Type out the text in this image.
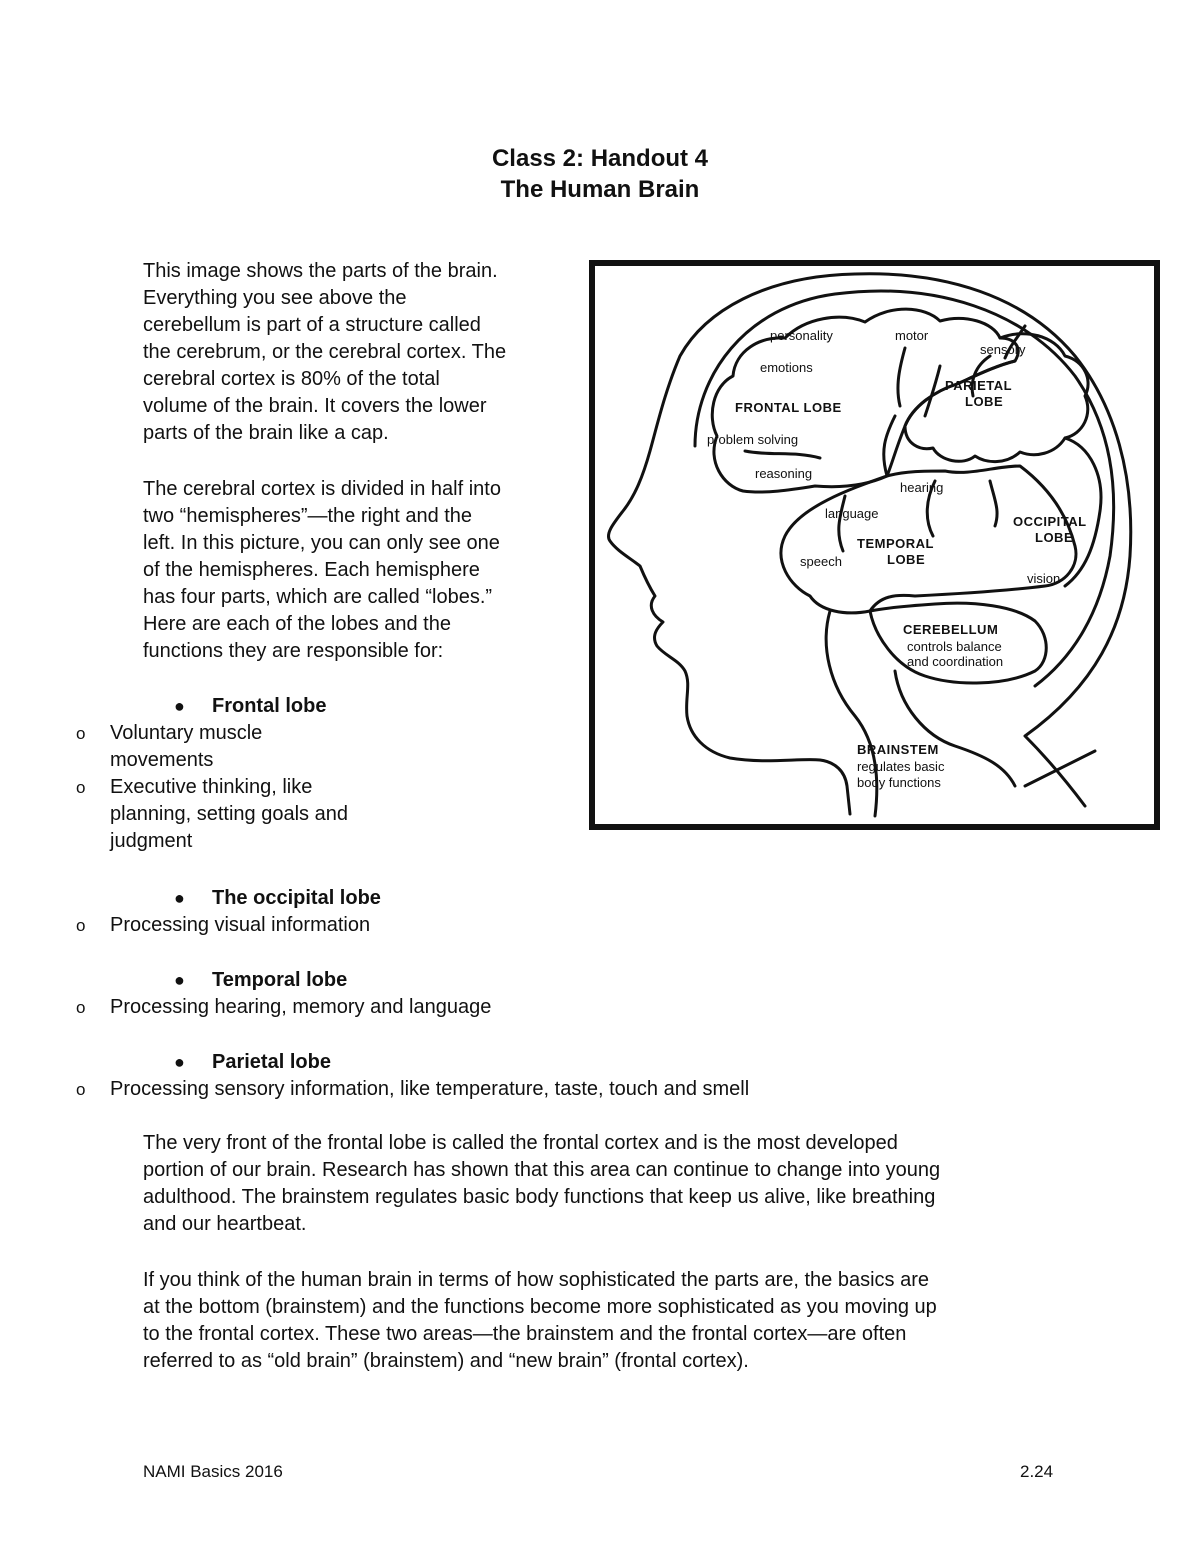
Class 2: Handout 4
The Human Brain
This image shows the parts of the brain.
Everything you see above the
cerebellum is part of a structure called
the cerebrum, or the cerebral cortex. The
cerebral cortex is 80% of the total
volume of the brain. It covers the lower
parts of the brain like a cap.
The cerebral cortex is divided in half into
two “hemispheres”—the right and the
left. In this picture, you can only see one
of the hemispheres. Each hemisphere
has four parts, which are called “lobes.”
Here are each of the lobes and the
functions they are responsible for:
● Frontal lobe
o Voluntary muscle
movements
o Executive thinking, like
planning, setting goals and
judgment
● The occipital lobe
o Processing visual information
● Temporal lobe
o Processing hearing, memory and language
● Parietal lobe
o Processing sensory information, like temperature, taste, touch and smell
The very front of the frontal lobe is called the frontal cortex and is the most developed
portion of our brain. Research has shown that this area can continue to change into young
adulthood. The brainstem regulates basic body functions that keep us alive, like breathing
and our heartbeat.
If you think of the human brain in terms of how sophisticated the parts are, the basics are
at the bottom (brainstem) and the functions become more sophisticated as you moving up
to the frontal cortex. These two areas—the brainstem and the frontal cortex—are often
referred to as “old brain” (brainstem) and “new brain” (frontal cortex).
personality	motor
sensory
emotions
PARIETAL
LOBE
FRONTAL LOBE
problem solving
reasoning
hearing
language
OCCIPITAL
LOBE
TEMPORAL
LOBE
speech
vision
CEREBELLUM
controls balance
and coordination
BRAINSTEM
regulates basic
body functions
NAMI Basics 2016	2.24
